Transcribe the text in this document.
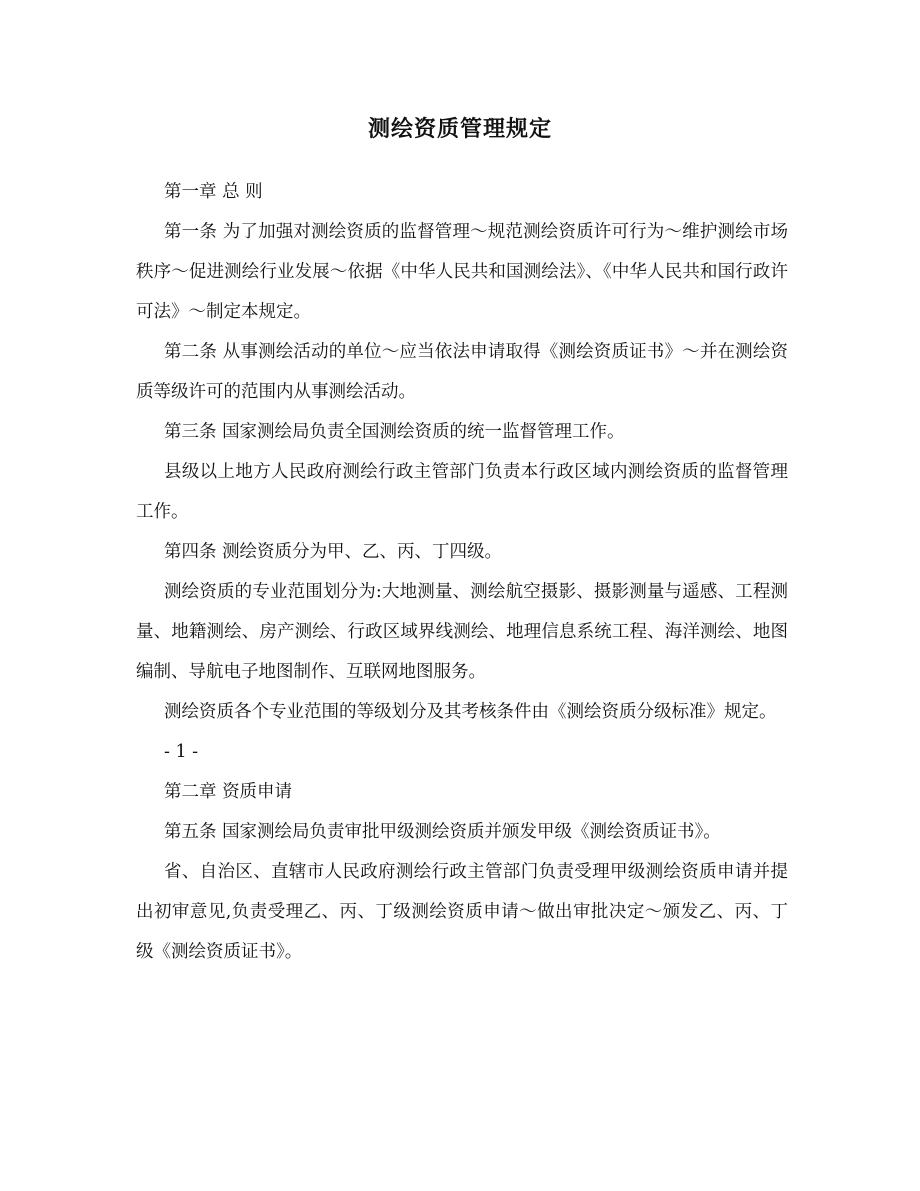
测绘资质管理规定

第一章 总 则

第一条 为了加强对测绘资质的监督管理～规范测绘资质许可行为～维护测绘市场秩序～促进测绘行业发展～依据《中华人民共和国测绘法》、《中华人民共和国行政许可法》～制定本规定。

第二条 从事测绘活动的单位～应当依法申请取得《测绘资质证书》～并在测绘资质等级许可的范围内从事测绘活动。

第三条 国家测绘局负责全国测绘资质的统一监督管理工作。

县级以上地方人民政府测绘行政主管部门负责本行政区域内测绘资质的监督管理工作。

第四条 测绘资质分为甲、乙、丙、丁四级。

测绘资质的专业范围划分为:大地测量、测绘航空摄影、摄影测量与遥感、工程测量、地籍测绘、房产测绘、行政区域界线测绘、地理信息系统工程、海洋测绘、地图编制、导航电子地图制作、互联网地图服务。

测绘资质各个专业范围的等级划分及其考核条件由《测绘资质分级标准》规定。

- 1 -

第二章 资质申请

第五条 国家测绘局负责审批甲级测绘资质并颁发甲级《测绘资质证书》。

省、自治区、直辖市人民政府测绘行政主管部门负责受理甲级测绘资质申请并提出初审意见,负责受理乙、丙、丁级测绘资质申请～做出审批决定～颁发乙、丙、丁级《测绘资质证书》。
